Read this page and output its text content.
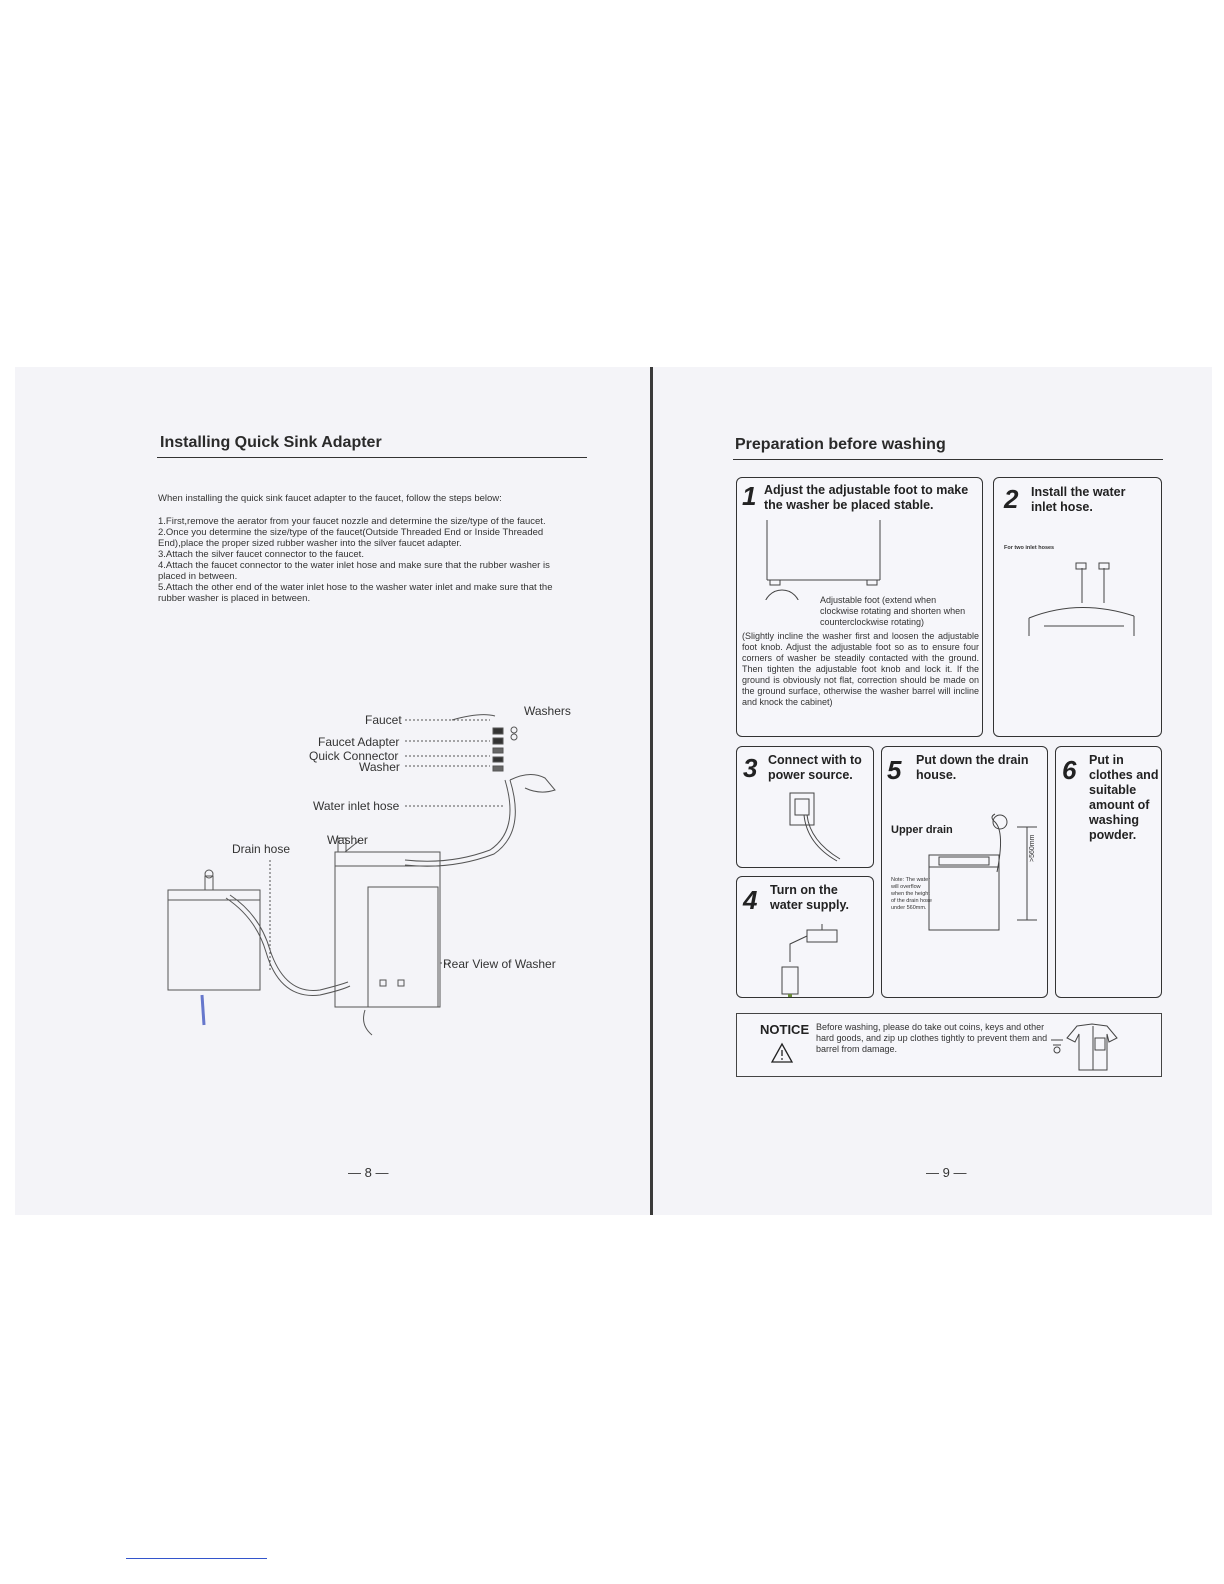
Installing Quick Sink Adapter
When installing the quick sink faucet adapter to the faucet, follow the steps below:
1.First,remove the aerator from your faucet nozzle and determine the size/type of the faucet.
2.Once you determine the size/type of the faucet(Outside Threaded End or Inside Threaded End),place the proper sized rubber washer into the silver faucet adapter.
3.Attach the silver faucet connector to the faucet.
4.Attach the faucet connector to the water inlet hose and make sure that the rubber washer is placed in between.
5.Attach the other end of the water inlet hose to the washer water inlet and make sure that the rubber washer is placed in between.
Faucet
Washers
Faucet Adapter
Quick Connector
Washer
Water inlet hose
Washer
Drain hose
Rear View of Washer
— 8 —
Preparation before washing
1 Adjust the adjustable foot to make the washer be placed stable.
Adjustable foot (extend when clockwise rotating and shorten when counterclockwise rotating)
(Slightly incline the washer first and loosen the adjustable foot knob. Adjust the adjustable foot so as to ensure four corners of washer be steadily contacted with the ground. Then tighten the adjustable foot knob and lock it. If the ground is obviously not flat, correction should be made on the ground surface, otherwise the washer barrel will incline and knock the cabinet)
2 Install the water inlet hose.
For two inlet hoses
3 Connect with to power source.
4 Turn on the water supply.
5 Put down the drain house.
Upper drain
Note: The water will overflow when the height of the drain hose under 560mm.
>560mm
6 Put in clothes and suitable amount of washing powder.
NOTICE Before washing, please do take out coins, keys and other hard goods, and zip up clothes tightly to prevent them and barrel from damage.
— 9 —
